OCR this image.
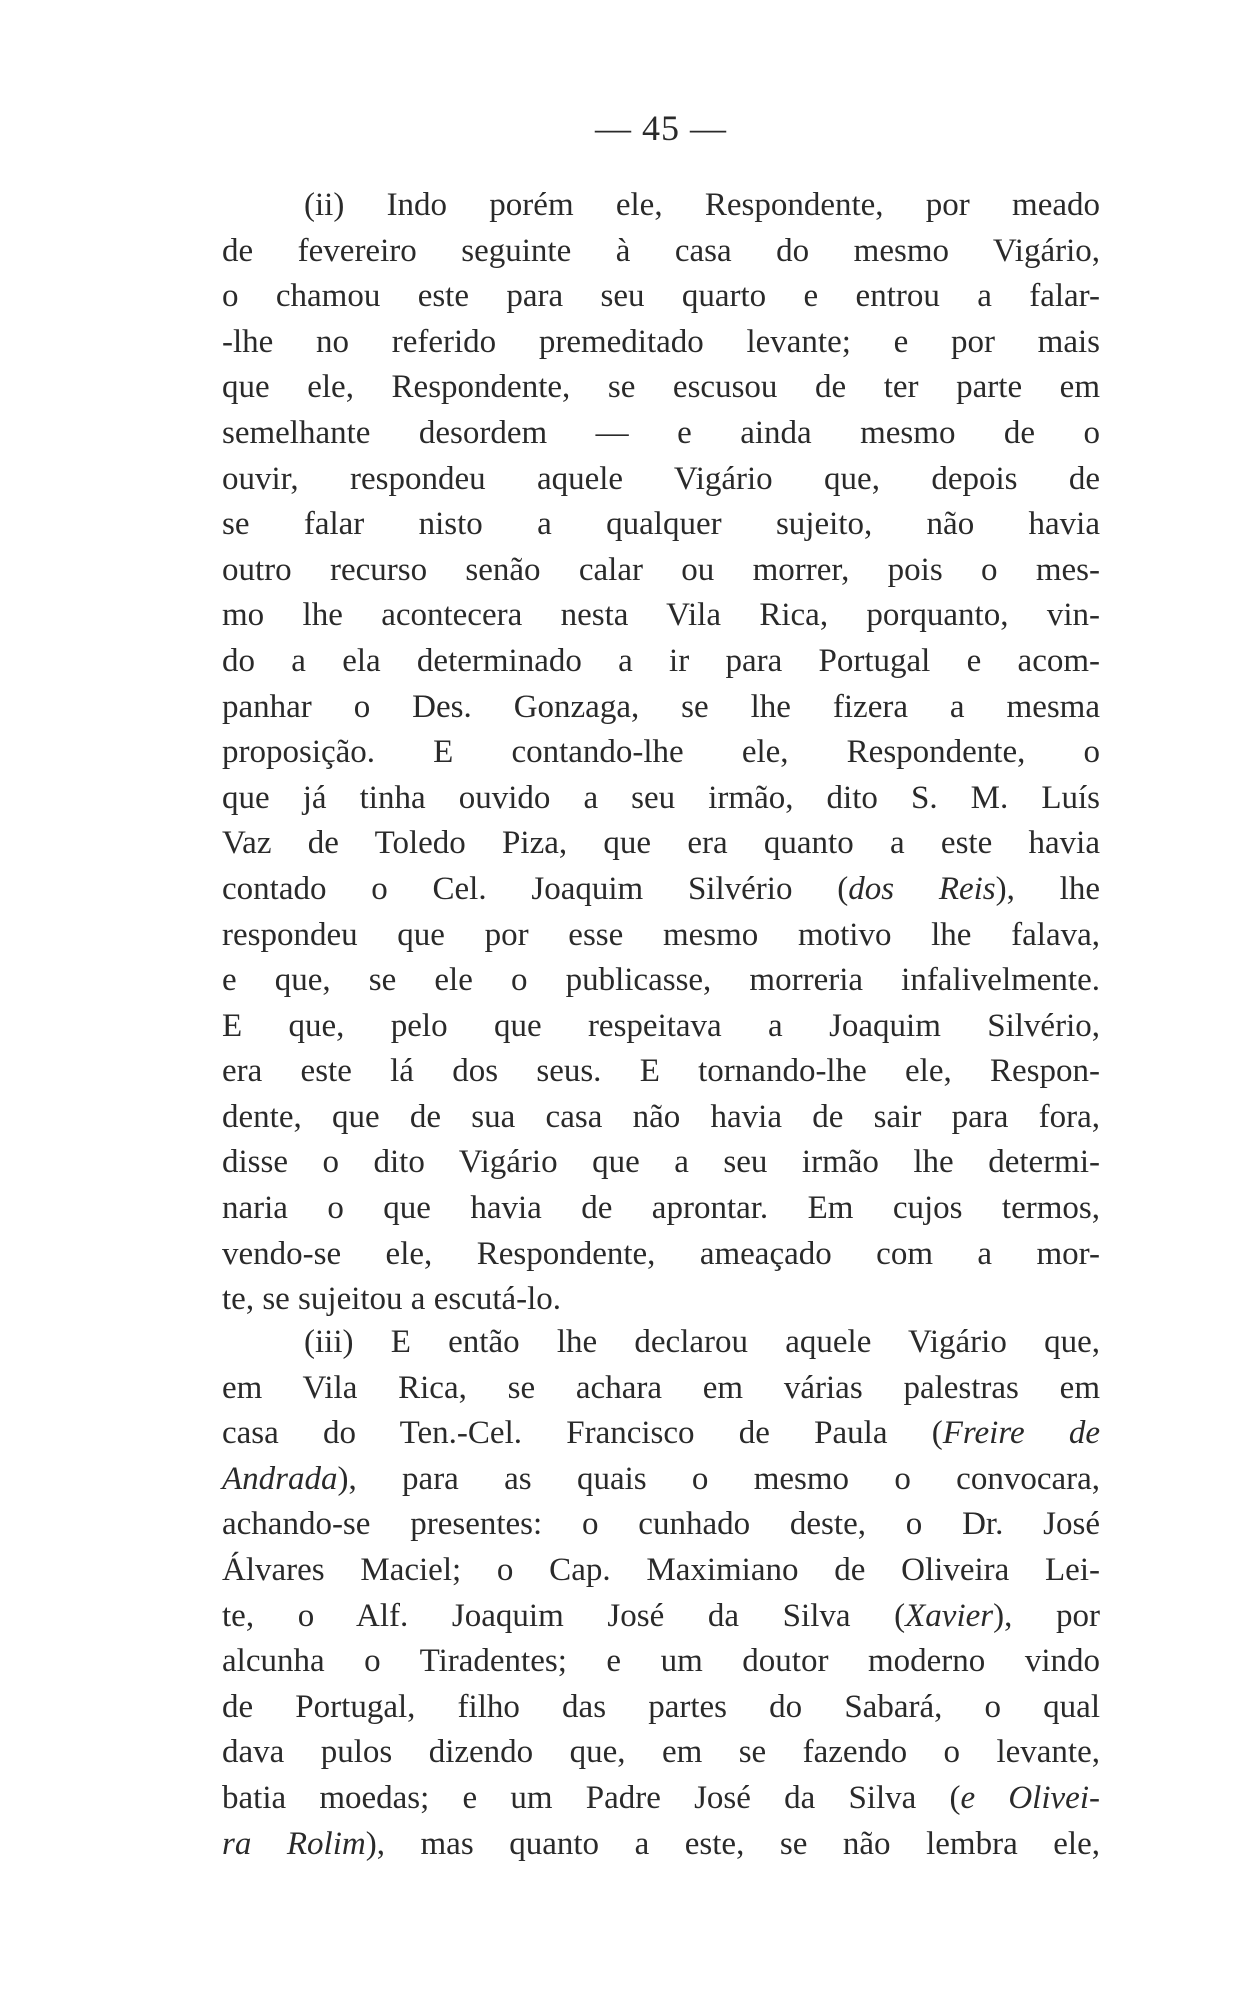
— 45 —
(ii) Indo porém ele, Respondente, por meado
de fevereiro seguinte à casa do mesmo Vigário,
o chamou este para seu quarto e entrou a falar-
-lhe no referido premeditado levante; e por mais
que ele, Respondente, se escusou de ter parte em
semelhante desordem — e ainda mesmo de o
ouvir, respondeu aquele Vigário que, depois de
se falar nisto a qualquer sujeito, não havia
outro recurso senão calar ou morrer, pois o mes-
mo lhe acontecera nesta Vila Rica, porquanto, vin-
do a ela determinado a ir para Portugal e acom-
panhar o Des. Gonzaga, se lhe fizera a mesma
proposição. E contando-lhe ele, Respondente, o
que já tinha ouvido a seu irmão, dito S. M. Luís
Vaz de Toledo Piza, que era quanto a este havia
contado o Cel. Joaquim Silvério (dos Reis), lhe
respondeu que por esse mesmo motivo lhe falava,
e que, se ele o publicasse, morreria infalivelmente.
E que, pelo que respeitava a Joaquim Silvério,
era este lá dos seus. E tornando-lhe ele, Respon-
dente, que de sua casa não havia de sair para fora,
disse o dito Vigário que a seu irmão lhe determi-
naria o que havia de aprontar. Em cujos termos,
vendo-se ele, Respondente, ameaçado com a mor-
te, se sujeitou a escutá-lo.
(iii) E então lhe declarou aquele Vigário que,
em Vila Rica, se achara em várias palestras em
casa do Ten.-Cel. Francisco de Paula (Freire de
Andrada), para as quais o mesmo o convocara,
achando-se presentes: o cunhado deste, o Dr. José
Álvares Maciel; o Cap. Maximiano de Oliveira Lei-
te, o Alf. Joaquim José da Silva (Xavier), por
alcunha o Tiradentes; e um doutor moderno vindo
de Portugal, filho das partes do Sabará, o qual
dava pulos dizendo que, em se fazendo o levante,
batia moedas; e um Padre José da Silva (e Olivei-
ra Rolim), mas quanto a este, se não lembra ele,
